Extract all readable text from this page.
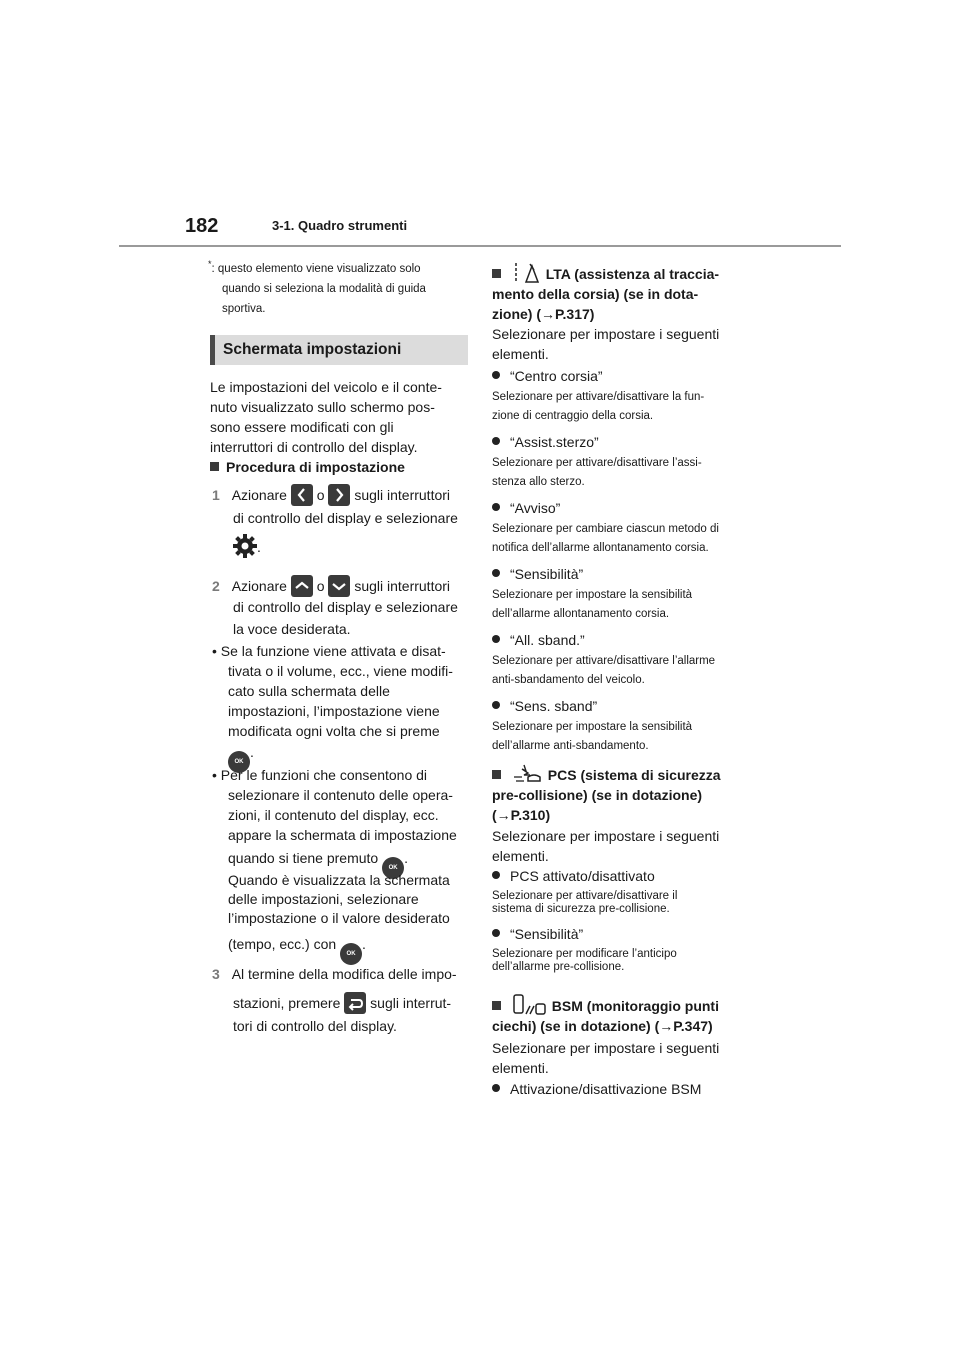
182	3-1. Quadro strumenti
*: questo elemento viene visualizzato solo
quando si seleziona la modalità di guida
sportiva.
Schermata impostazioni
Le impostazioni del veicolo e il conte-
nuto visualizzato sullo schermo pos-
sono essere modificati con gli
interruttori di controllo del display.
Procedura di impostazione
1 Azionare o sugli interruttori
di controllo del display e selezionare
.
2 Azionare o sugli interruttori
di controllo del display e selezionare
la voce desiderata.
• Se la funzione viene attivata e disat-
tivata o il volume, ecc., viene modifi-
cato sulla schermata delle
impostazioni, l’impostazione viene
modificata ogni volta che si preme
OK.
• Per le funzioni che consentono di
selezionare il contenuto delle opera-
zioni, il contenuto del display, ecc.
appare la schermata di impostazione
quando si tiene premuto OK.
Quando è visualizzata la schermata
delle impostazioni, selezionare
l’impostazione o il valore desiderato
(tempo, ecc.) con OK.
3 Al termine della modifica delle impo-
stazioni, premere sugli interrut-
tori di controllo del display.
LTA (assistenza al traccia-
mento della corsia) (se in dota-
zione) (→P.317)
Selezionare per impostare i seguenti
elementi.
“Centro corsia”
Selezionare per attivare/disattivare la fun-
zione di centraggio della corsia.
“Assist.sterzo”
Selezionare per attivare/disattivare l’assi-
stenza allo sterzo.
“Avviso”
Selezionare per cambiare ciascun metodo di
notifica dell’allarme allontanamento corsia.
“Sensibilità”
Selezionare per impostare la sensibilità
dell’allarme allontanamento corsia.
“All. sband.”
Selezionare per attivare/disattivare l’allarme
anti-sbandamento del veicolo.
“Sens. sband”
Selezionare per impostare la sensibilità
dell’allarme anti-sbandamento.
PCS (sistema di sicurezza
pre-collisione) (se in dotazione)
(→P.310)
Selezionare per impostare i seguenti
elementi.
PCS attivato/disattivato
Selezionare per attivare/disattivare il
sistema di sicurezza pre-collisione.
“Sensibilità”
Selezionare per modificare l’anticipo
dell’allarme pre-collisione.
BSM (monitoraggio punti
ciechi) (se in dotazione) (→P.347)
Selezionare per impostare i seguenti
elementi.
Attivazione/disattivazione BSM
